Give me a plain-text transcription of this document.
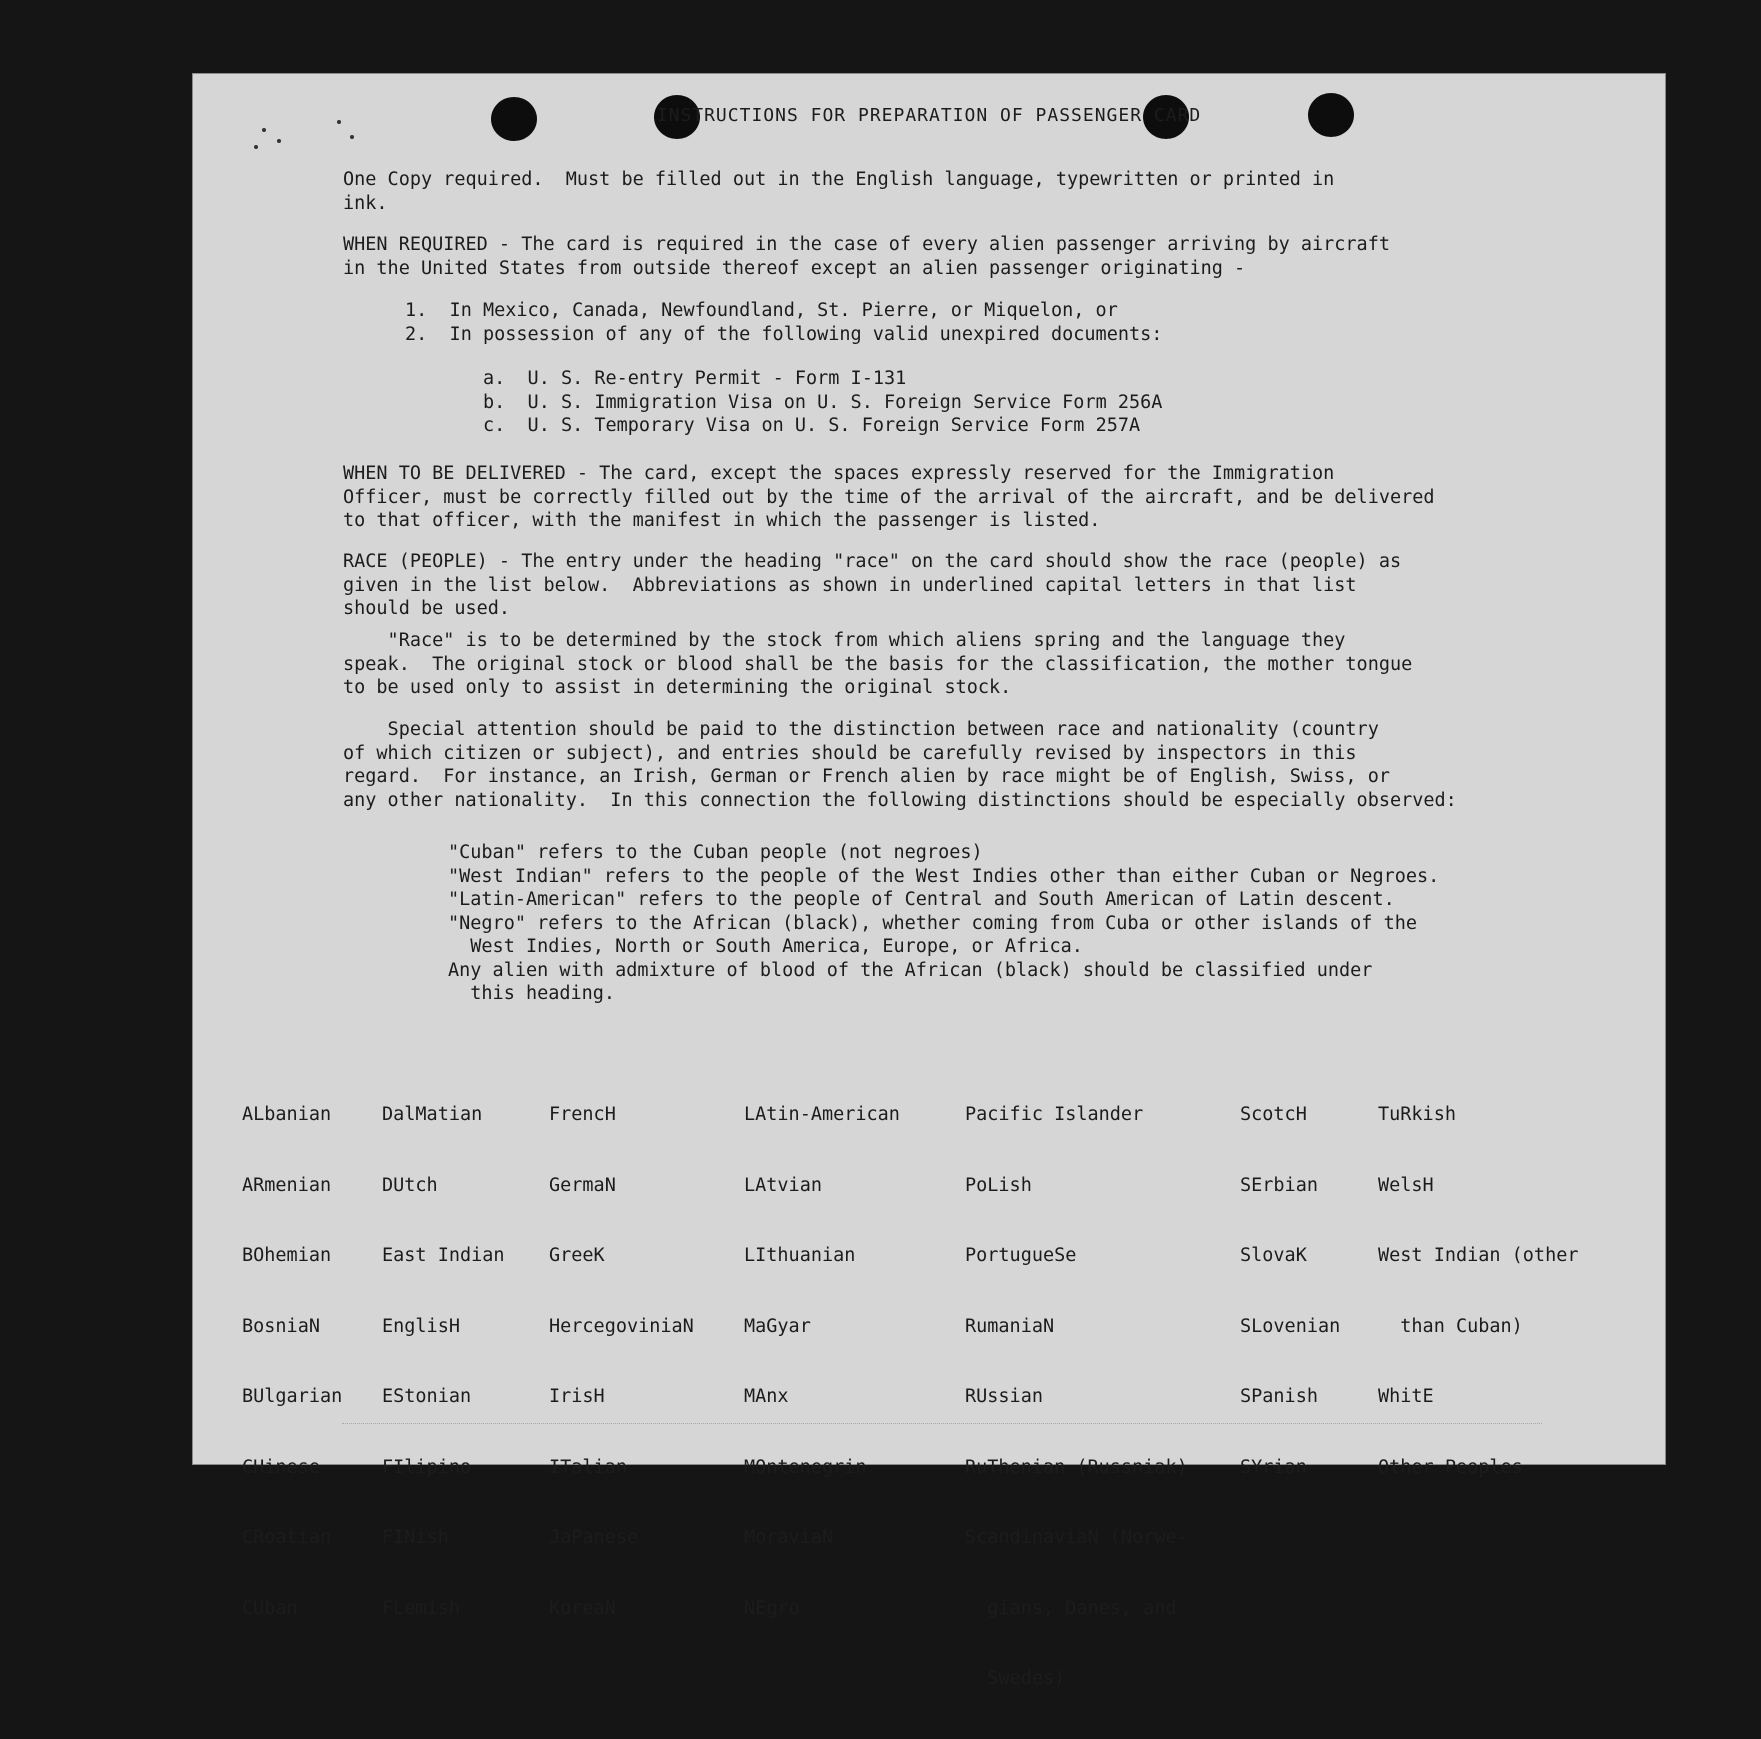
INSTRUCTIONS FOR PREPARATION OF PASSENGER CARD
One Copy required.  Must be filled out in the English language, typewritten or printed in
ink.
WHEN REQUIRED - The card is required in the case of every alien passenger arriving by aircraft
in the United States from outside thereof except an alien passenger originating -
1.  In Mexico, Canada, Newfoundland, St. Pierre, or Miquelon, or
2.  In possession of any of the following valid unexpired documents:
a.  U. S. Re-entry Permit - Form I-131
b.  U. S. Immigration Visa on U. S. Foreign Service Form 256A
c.  U. S. Temporary Visa on U. S. Foreign Service Form 257A
WHEN TO BE DELIVERED - The card, except the spaces expressly reserved for the Immigration
Officer, must be correctly filled out by the time of the arrival of the aircraft, and be delivered
to that officer, with the manifest in which the passenger is listed.
RACE (PEOPLE) - The entry under the heading "race" on the card should show the race (people) as
given in the list below.  Abbreviations as shown in underlined capital letters in that list
should be used.
"Race" is to be determined by the stock from which aliens spring and the language they
speak.  The original stock or blood shall be the basis for the classification, the mother tongue
to be used only to assist in determining the original stock.
Special attention should be paid to the distinction between race and nationality (country
of which citizen or subject), and entries should be carefully revised by inspectors in this
regard.  For instance, an Irish, German or French alien by race might be of English, Swiss, or
any other nationality.  In this connection the following distinctions should be especially observed:
"Cuban" refers to the Cuban people (not negroes)
"West Indian" refers to the people of the West Indies other than either Cuban or Negroes.
"Latin-American" refers to the people of Central and South American of Latin descent.
"Negro" refers to the African (black), whether coming from Cuba or other islands of the
West Indies, North or South America, Europe, or Africa.
Any alien with admixture of blood of the African (black) should be classified under
this heading.

ALbanian

ARmenian

BOhemian

BosniaN

BUlgarian

CHinese

CRoatian

CUban

DalMatian

DUtch

East Indian

EnglisH

EStonian

FIlipino

FINish

FLemish

FrencH

GermaN

GreeK

HercegoviniaN

IrisH

ITalian

JaPanese

KoreaN

LAtin-American

LAtvian

LIthuanian

MaGyar

MAnx

MOntenegrin

MoraviaN

NEgro

Pacific Islander

PoLish

PortugueSe

RumaniaN

RUssian

RuThenian (Russniak)

ScandinaviaN (Norwe-

gians, Danes, and

Swedes)

ScotcH

SErbian

SlovaK

SLovenian

SPanish

SYrian

TuRkish

WelsH

West Indian (other

than Cuban)

WhitE

Other Peoples
